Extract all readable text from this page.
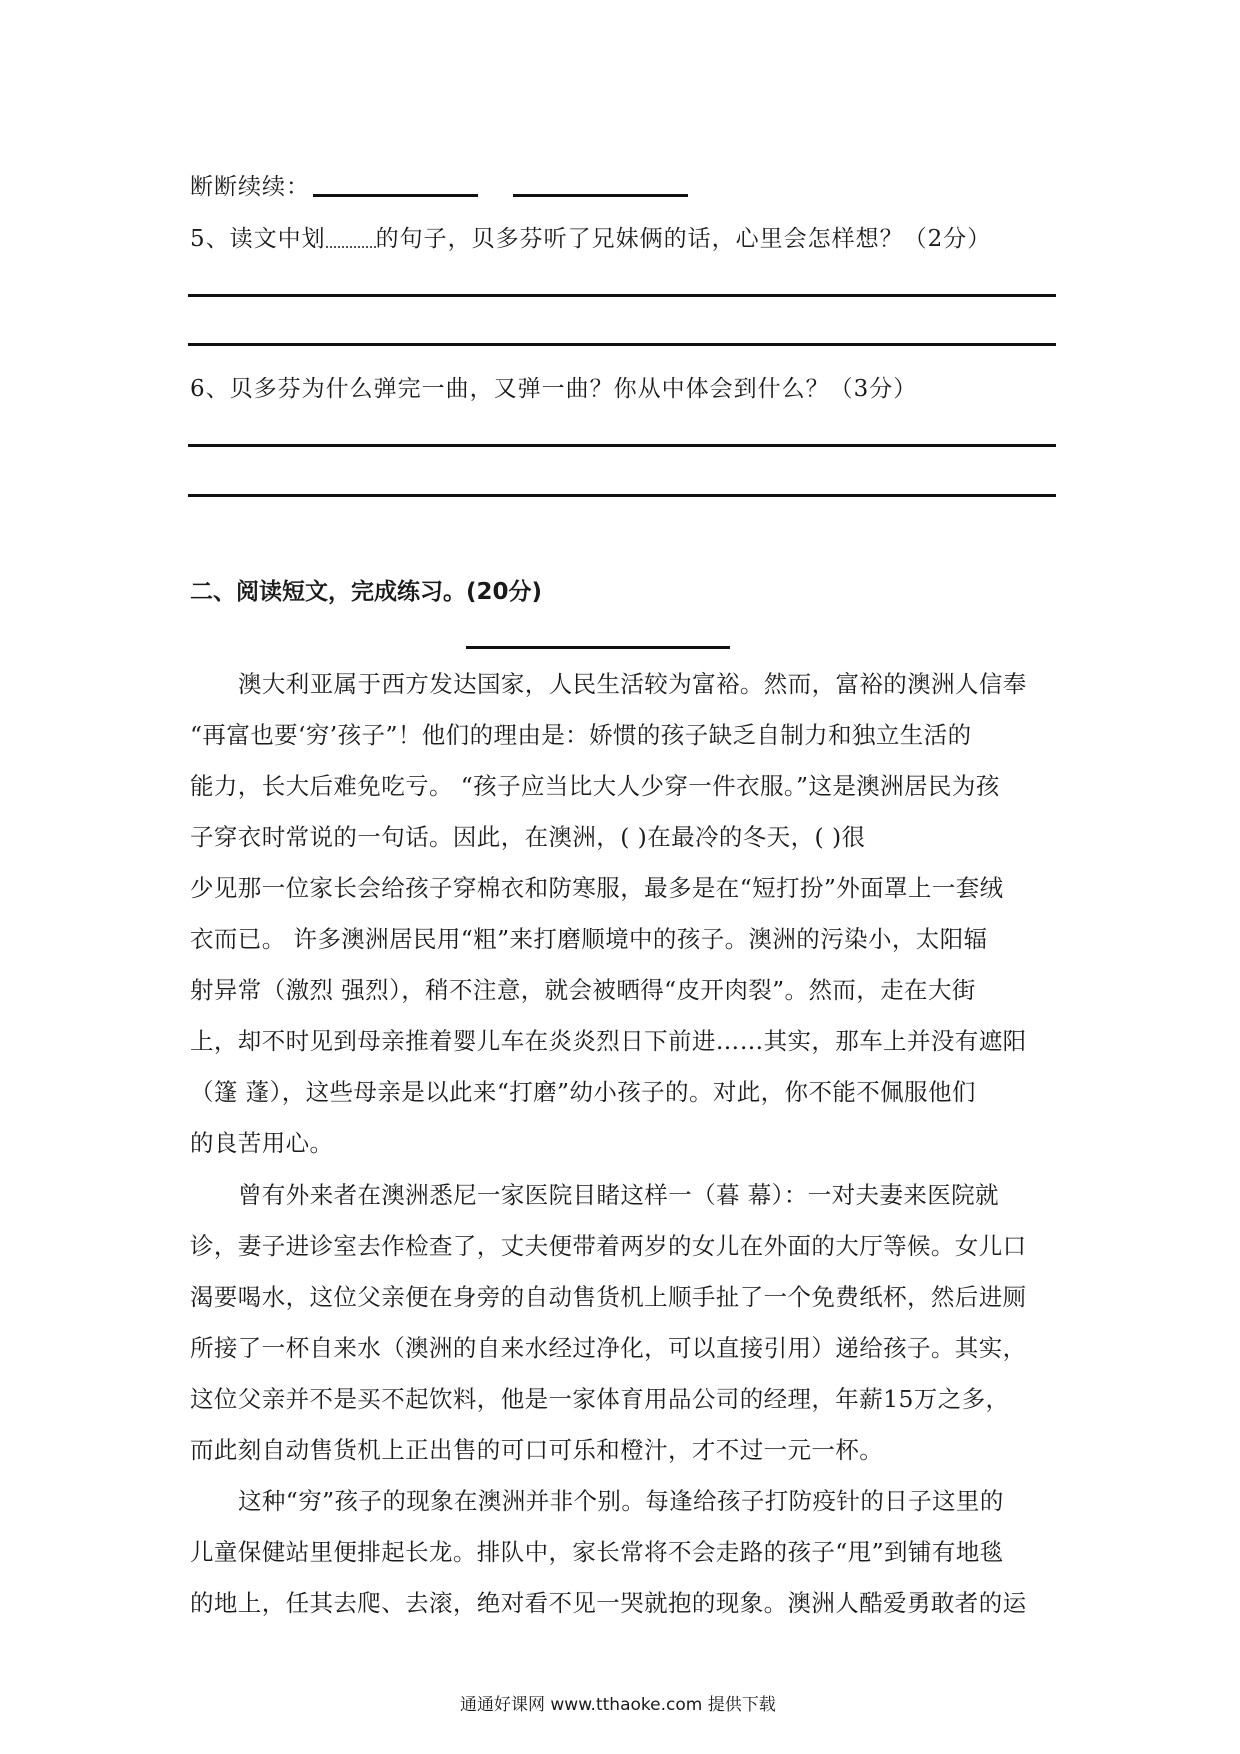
断断续续：
5、读文中划 的句子，贝多芬听了兄妹俩的话，心里会怎样想？（2分）
6、贝多芬为什么弹完一曲，又弹一曲？你从中体会到什么？（3分）
二、阅读短文，完成练习。(20分)
澳大利亚属于西方发达国家，人民生活较为富裕。然而，富裕的澳洲人信奉
“再富也要‘穷’孩子”！他们的理由是：娇惯的孩子缺乏自制力和独立生活的
能力，长大后难免吃亏。 “孩子应当比大人少穿一件衣服。”这是澳洲居民为孩
子穿衣时常说的一句话。因此，在澳洲，( )在最冷的冬天，( )很
少见那一位家长会给孩子穿棉衣和防寒服，最多是在“短打扮”外面罩上一套绒
衣而已。 许多澳洲居民用“粗”来打磨顺境中的孩子。澳洲的污染小，太阳辐
射异常（激烈 强烈），稍不注意，就会被晒得“皮开肉裂”。然而，走在大街
上，却不时见到母亲推着婴儿车在炎炎烈日下前进……其实，那车上并没有遮阳
（篷 蓬），这些母亲是以此来“打磨”幼小孩子的。对此，你不能不佩服他们
的良苦用心。
曾有外来者在澳洲悉尼一家医院目睹这样一（暮 幕）：一对夫妻来医院就
诊，妻子进诊室去作检查了，丈夫便带着两岁的女儿在外面的大厅等候。女儿口
渴要喝水，这位父亲便在身旁的自动售货机上顺手扯了一个免费纸杯，然后进厕
所接了一杯自来水（澳洲的自来水经过净化，可以直接引用）递给孩子。其实，
这位父亲并不是买不起饮料，他是一家体育用品公司的经理，年薪15万之多，
而此刻自动售货机上正出售的可口可乐和橙汁，才不过一元一杯。
这种“穷”孩子的现象在澳洲并非个别。每逢给孩子打防疫针的日子这里的
儿童保健站里便排起长龙。排队中，家长常将不会走路的孩子“甩”到铺有地毯
的地上，任其去爬、去滚，绝对看不见一哭就抱的现象。澳洲人酷爱勇敢者的运
通通好课网 www.tthaoke.com 提供下载
